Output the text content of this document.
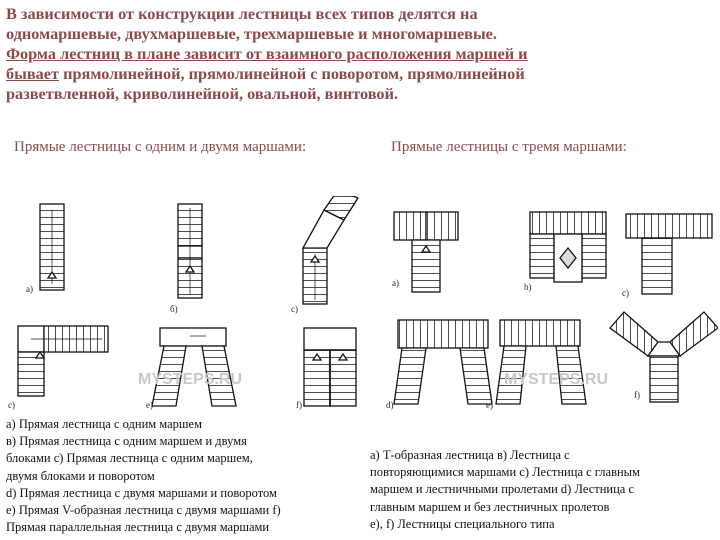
В зависимости от конструкции лестницы всех типов делятся на
одномаршевые, двухмаршевые, трехмаршевые и многомаршевые.
Форма лестниц в плане зависит от взаимного расположения маршей и
бывает прямолинейной, прямолинейной с поворотом, прямолинейной
разветвленной, криволинейной, овальной, винтовой.
Прямые лестницы с одним и двумя маршами:	Прямые лестницы с тремя маршами:
а)
б)	с)
с)	е)	f)
MYSTEPS.RU
a)	b)
c)
d)	e)
f)
MYSTEPS.RU
а) Прямая лестница с одним маршем
в) Прямая лестница с одним маршем и двумя
блоками с) Прямая лестница с одним маршем,
двумя блоками и поворотом
d) Прямая лестница с двумя маршами и поворотом
е) Прямая V-образная лестница с двумя маршами f)
Прямая параллельная лестница с двумя маршами
а) Т-образная лестница в) Лестница с
повторяющимися маршами с) Лестница с главным
маршем и лестничными пролетами d) Лестница с
главным маршем и без лестничных пролетов
е), f) Лестницы специального типа
